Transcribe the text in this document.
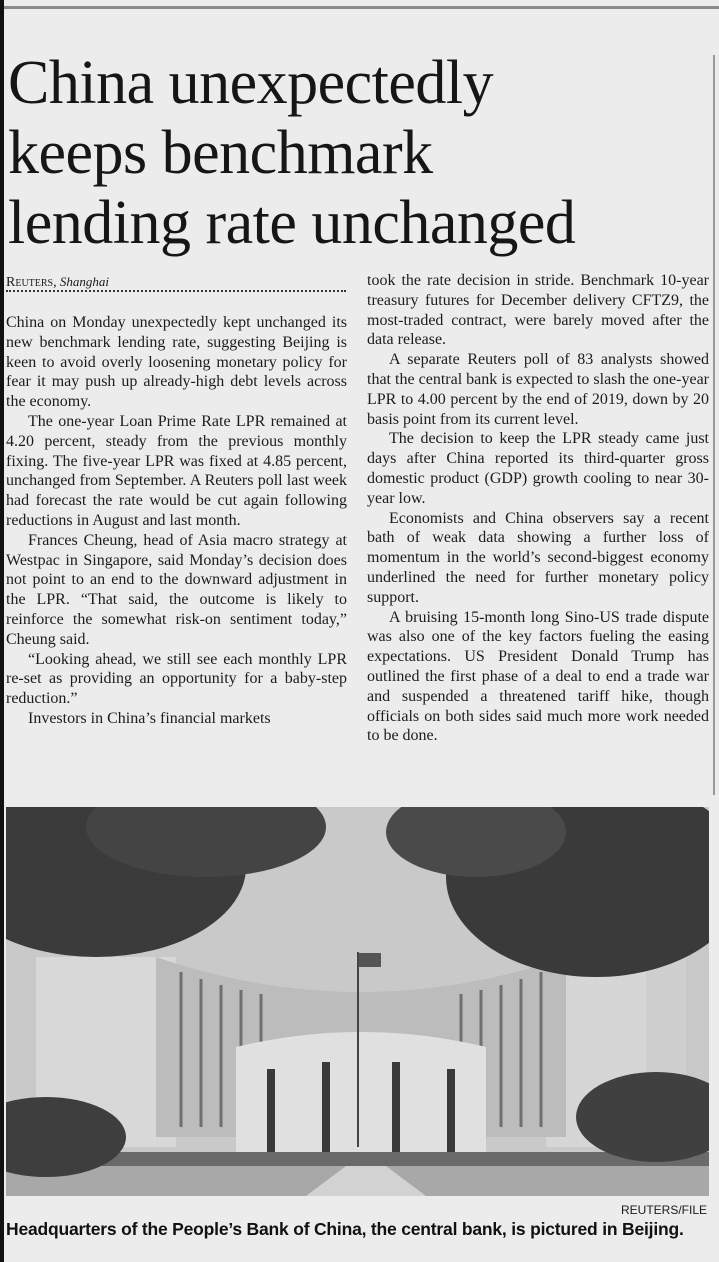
China unexpectedly
keeps benchmark
lending rate unchanged
Reuters, Shanghai

China on Monday unexpectedly kept unchanged its new benchmark lending rate, suggesting Beijing is keen to avoid overly loosening monetary policy for fear it may push up already-high debt levels across the economy.

The one-year Loan Prime Rate LPR remained at 4.20 percent, steady from the previous monthly fixing. The five-year LPR was fixed at 4.85 percent, unchanged from September. A Reuters poll last week had forecast the rate would be cut again following reductions in August and last month.

Frances Cheung, head of Asia macro strategy at Westpac in Singapore, said Monday’s decision does not point to an end to the downward adjustment in the LPR. “That said, the outcome is likely to reinforce the somewhat risk-on sentiment today,” Cheung said.

“Looking ahead, we still see each monthly LPR re-set as providing an opportunity for a baby-step reduction.”

Investors in China’s financial markets

took the rate decision in stride. Benchmark 10-year treasury futures for December delivery CFTZ9, the most-traded contract, were barely moved after the data release.

A separate Reuters poll of 83 analysts showed that the central bank is expected to slash the one-year LPR to 4.00 percent by the end of 2019, down by 20 basis point from its current level.

The decision to keep the LPR steady came just days after China reported its third-quarter gross domestic product (GDP) growth cooling to near 30-year low.

Economists and China observers say a recent bath of weak data showing a further loss of momentum in the world’s second-biggest economy underlined the need for further monetary policy support.

A bruising 15-month long Sino-US trade dispute was also one of the key factors fueling the easing expectations. US President Donald Trump has outlined the first phase of a deal to end a trade war and suspended a threatened tariff hike, though officials on both sides said much more work needed to be done.

REUTERS/FILE
Headquarters of the People’s Bank of China, the central bank, is pictured in Beijing.
